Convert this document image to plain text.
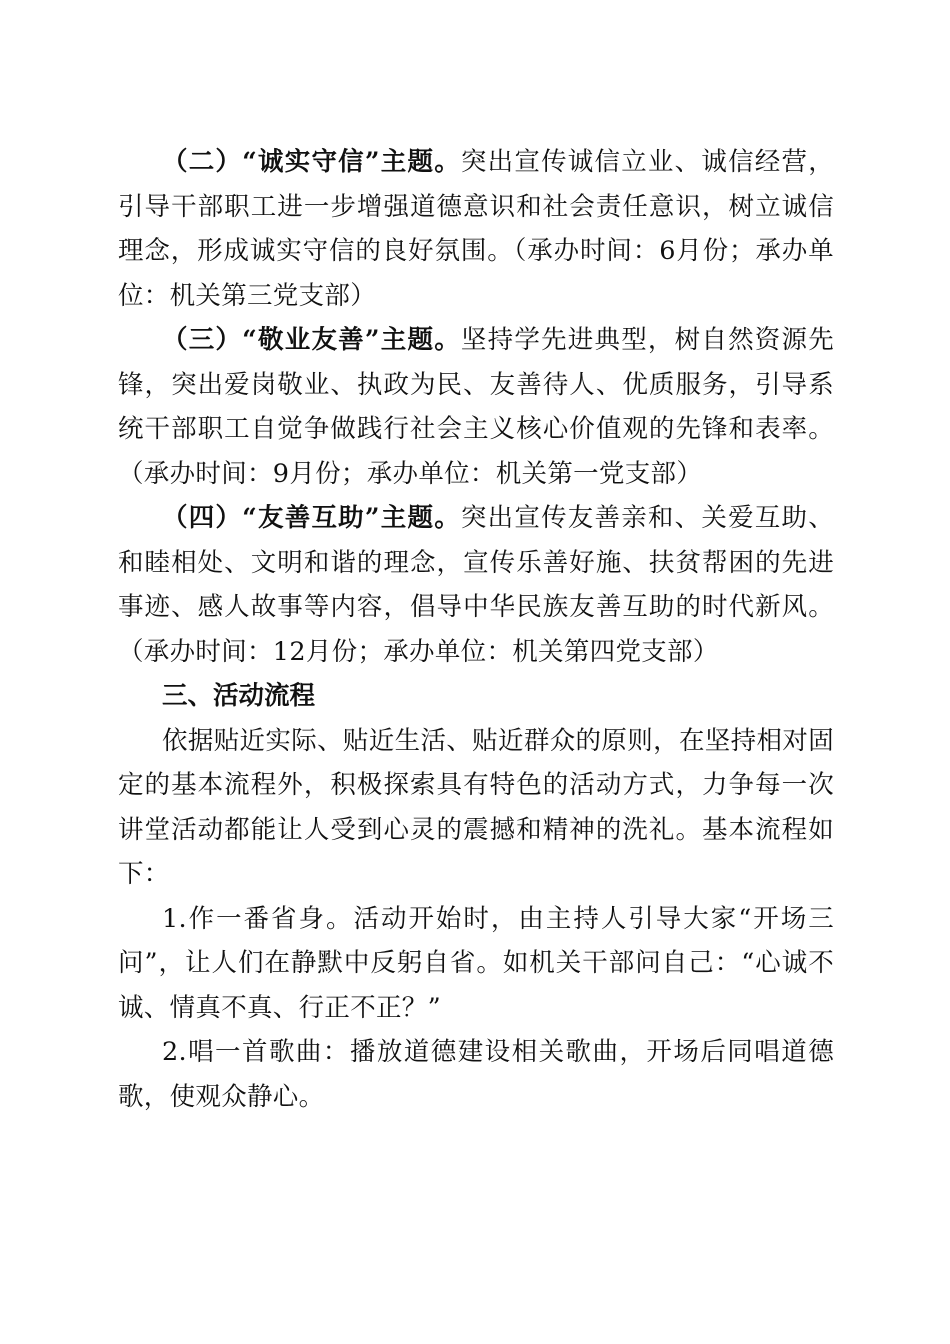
（二）“诚实守信”主题。突出宣传诚信立业、诚信经营，引导干部职工进一步增强道德意识和社会责任意识，树立诚信理念，形成诚实守信的良好氛围。（承办时间：6月份；承办单位：机关第三党支部）

（三）“敬业友善”主题。坚持学先进典型，树自然资源先锋，突出爱岗敬业、执政为民、友善待人、优质服务，引导系统干部职工自觉争做践行社会主义核心价值观的先锋和表率。（承办时间：9月份；承办单位：机关第一党支部）

（四）“友善互助”主题。突出宣传友善亲和、关爱互助、和睦相处、文明和谐的理念，宣传乐善好施、扶贫帮困的先进事迹、感人故事等内容，倡导中华民族友善互助的时代新风。（承办时间：12月份；承办单位：机关第四党支部）

三、活动流程

依据贴近实际、贴近生活、贴近群众的原则，在坚持相对固定的基本流程外，积极探索具有特色的活动方式，力争每一次讲堂活动都能让人受到心灵的震撼和精神的洗礼。基本流程如下：

1.作一番省身。活动开始时，由主持人引导大家“开场三问”，让人们在静默中反躬自省。如机关干部问自己：“心诚不诚、情真不真、行正不正？”

2.唱一首歌曲：播放道德建设相关歌曲，开场后同唱道德歌，使观众静心。
